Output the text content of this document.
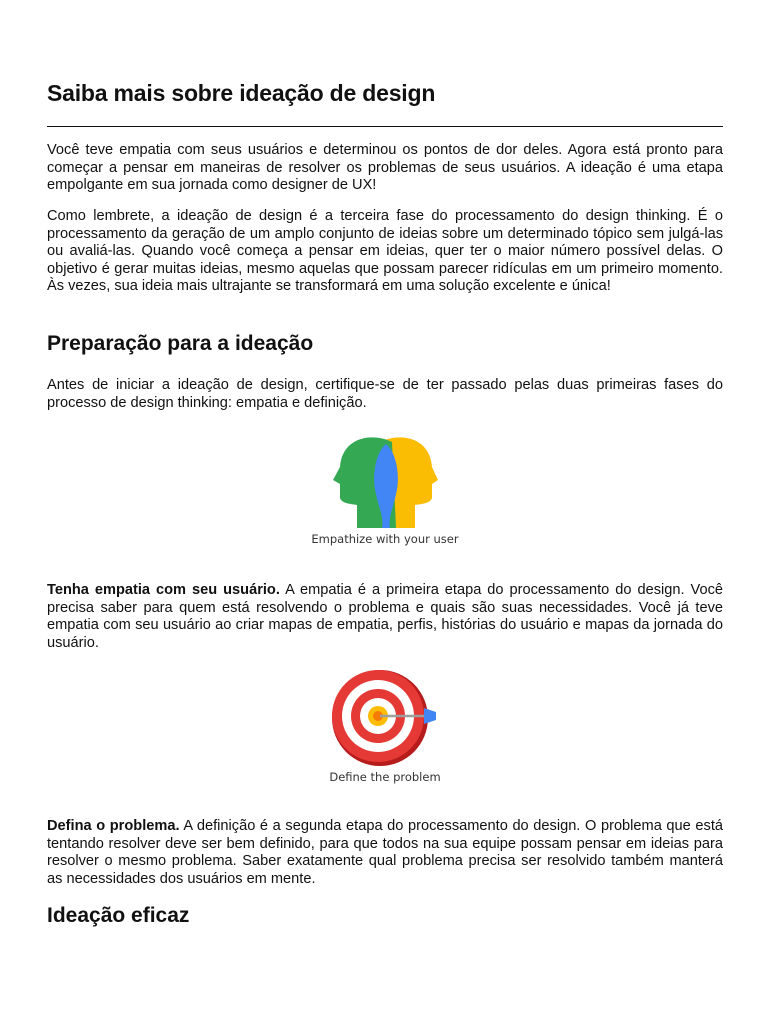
Saiba mais sobre ideação de design

Você teve empatia com seus usuários e determinou os pontos de dor deles. Agora está pronto para começar a pensar em maneiras de resolver os problemas de seus usuários. A ideação é uma etapa empolgante em sua jornada como designer de UX!

Como lembrete, a ideação de design é a terceira fase do processamento do design thinking. É o processamento da geração de um amplo conjunto de ideias sobre um determinado tópico sem julgá-las ou avaliá-las. Quando você começa a pensar em ideias, quer ter o maior número possível delas. O objetivo é gerar muitas ideias, mesmo aquelas que possam parecer ridículas em um primeiro momento. Às vezes, sua ideia mais ultrajante se transformará em uma solução excelente e única!

Preparação para a ideação

Antes de iniciar a ideação de design, certifique-se de ter passado pelas duas primeiras fases do processo de design thinking: empatia e definição.

Empathize with your user

Tenha empatia com seu usuário. A empatia é a primeira etapa do processamento do design. Você precisa saber para quem está resolvendo o problema e quais são suas necessidades. Você já teve empatia com seu usuário ao criar mapas de empatia, perfis, histórias do usuário e mapas da jornada do usuário.

Define the problem

Defina o problema. A definição é a segunda etapa do processamento do design. O problema que está tentando resolver deve ser bem definido, para que todos na sua equipe possam pensar em ideias para resolver o mesmo problema. Saber exatamente qual problema precisa ser resolvido também manterá as necessidades dos usuários em mente.

Ideação eficaz
